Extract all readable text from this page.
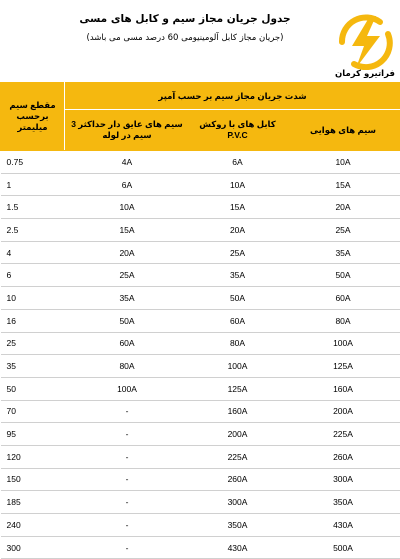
جدول جریان مجاز سیم و کابل های مسی
(جریان مجاز کابل آلومینیومی 60 درصد مسی می باشد)
فراتیرو کرمان
مقطع سیم برحسب میلیمتر	شدت جریان مجاز سیم بر حسب آمپر		
	سیم های عایق دار حداکثر 3 سیم در لوله	کابل های با روکش P.V.C	سیم های هوایی
0.75	4A	6A	10A
1	6A	10A	15A
1.5	10A	15A	20A
2.5	15A	20A	25A
4	20A	25A	35A
6	25A	35A	50A
10	35A	50A	60A
16	50A	60A	80A
25	60A	80A	100A
35	80A	100A	125A
50	100A	125A	160A
70	-	160A	200A
95	-	200A	225A
120	-	225A	260A
150	-	260A	300A
185	-	300A	350A
240	-	350A	430A
300	-	430A	500A
